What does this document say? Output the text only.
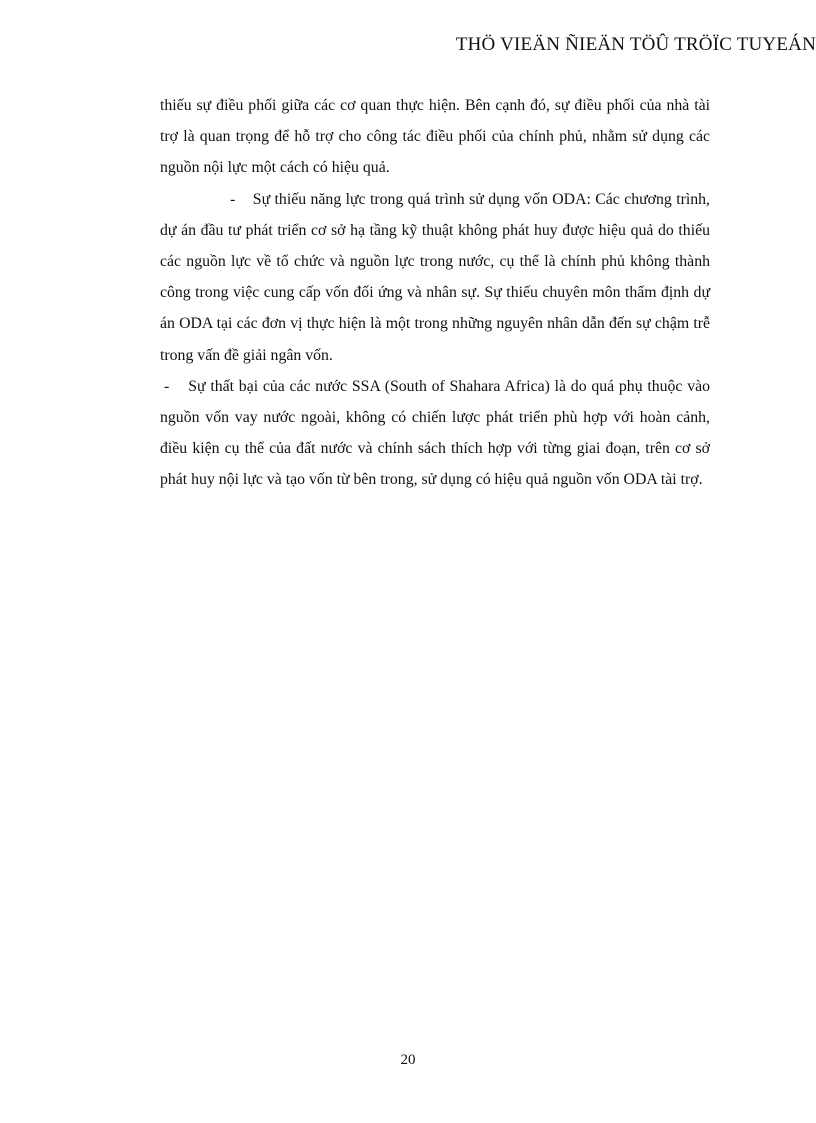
THÖ VIEÄN ÑIEÄN TÖÛ TRÖÏC TUYEÁN

thiếu sự điều phối giữa các cơ quan thực hiện. Bên cạnh đó, sự điều phối của nhà tài trợ là quan trọng để hỗ trợ cho công tác điều phối của chính phủ, nhằm sử dụng các nguồn nội lực một cách có hiệu quả.

-    Sự thiếu năng lực trong quá trình sử dụng vốn ODA: Các chương trình, dự án đầu tư phát triển cơ sở hạ tầng kỹ thuật không phát huy được hiệu quả do thiếu các nguồn lực về tổ chức và nguồn lực trong nước, cụ thể là chính phủ không thành công trong việc cung cấp vốn đối ứng và nhân sự. Sự thiếu chuyên môn thẩm định dự án ODA tại các đơn vị thực hiện là một trong những nguyên nhân dẫn đến sự chậm trễ trong vấn đề giải ngân vốn.

-    Sự thất bại của các nước SSA (South of Shahara Africa) là do quá phụ thuộc vào nguồn vốn vay nước ngoài, không có chiến lược phát triển phù hợp với hoàn cảnh, điều kiện cụ thể của đất nước và chính sách thích hợp với từng giai đoạn, trên cơ sở phát huy nội lực và tạo vốn từ bên trong, sử dụng có hiệu quả nguồn vốn ODA tài trợ.

20
